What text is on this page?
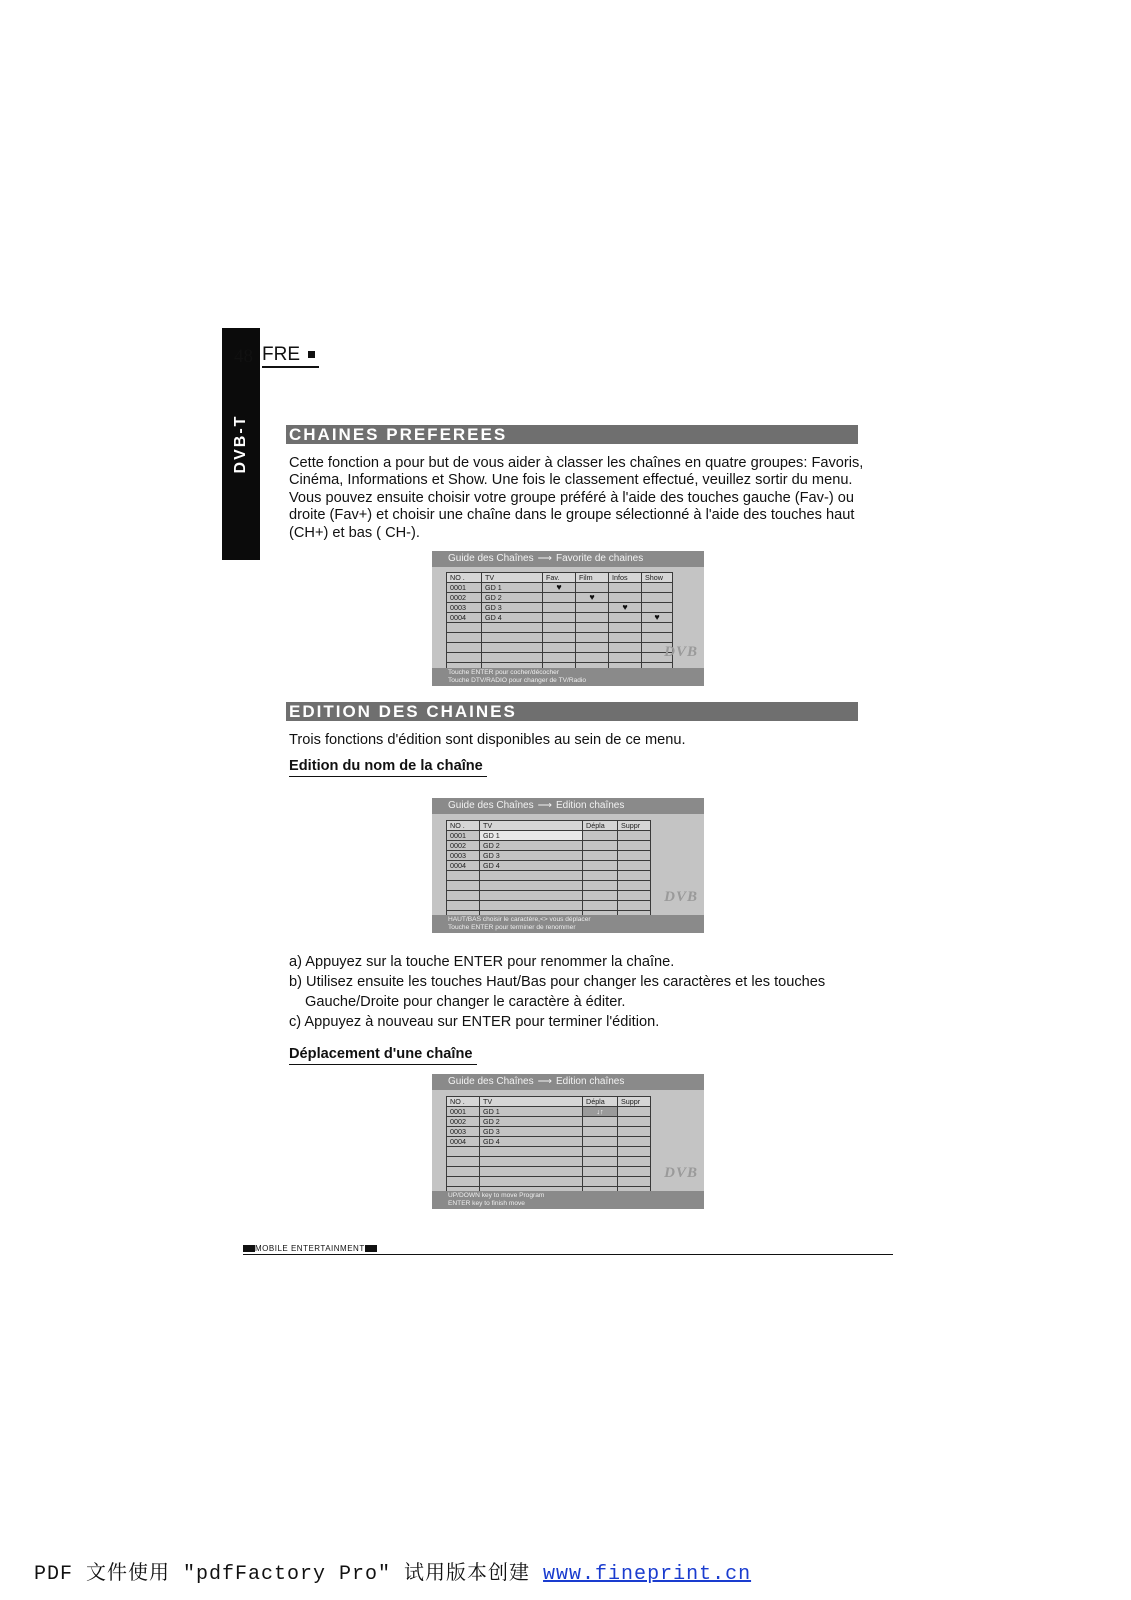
DVB-T
48 FRE
CHAINES PREFEREES
Cette fonction a pour but de vous aider à classer les chaînes en quatre groupes: Favoris, Cinéma, Informations et Show. Une fois le classement effectué, veuillez sortir du menu. Vous pouvez ensuite choisir votre groupe préféré à l'aide des touches gauche (Fav-) ou droite (Fav+) et choisir une chaîne dans le groupe sélectionné à l'aide des touches haut (CH+) et bas ( CH-).
Guide des Chaînes ⟶ Favorite de chaines
NO .	TV	Fav.	Film	Infos	Show
0001	GD 1	♥			
0002	GD 2		♥		
0003	GD 3			♥	
0004	GD 4				♥

DVB
Touche ENTER pour cocher/décocher
Touche DTV/RADIO pour changer de TV/Radio
EDITION DES CHAINES
Trois fonctions d'édition sont disponibles au sein de ce menu.
Edition du nom de la chaîne
Guide des Chaînes ⟶ Edition chaînes
NO .	TV	Dépla	Suppr
0001	GD 1		
0002	GD 2		
0003	GD 3		
0004	GD 4		

DVB
HAUT/BAS choisir le caractère,<> vous déplacer
Touche ENTER pour terminer de renommer
a) Appuyez sur la touche ENTER pour renommer la chaîne.
b) Utilisez ensuite les touches Haut/Bas pour changer les caractères et les touches
Gauche/Droite pour changer le caractère à éditer.
c) Appuyez à nouveau sur ENTER pour terminer l'édition.
Déplacement d'une chaîne
Guide des Chaînes ⟶ Edition chaînes
NO .	TV	Dépla	Suppr
0001	GD 1	↓↑	
0002	GD 2		
0003	GD 3		
0004	GD 4		

DVB
UP/DOWN key to move Program
ENTER key to finish move
MOBILE ENTERTAINMENT
PDF 文件使用 "pdfFactory Pro" 试用版本创建 www.fineprint.cn
